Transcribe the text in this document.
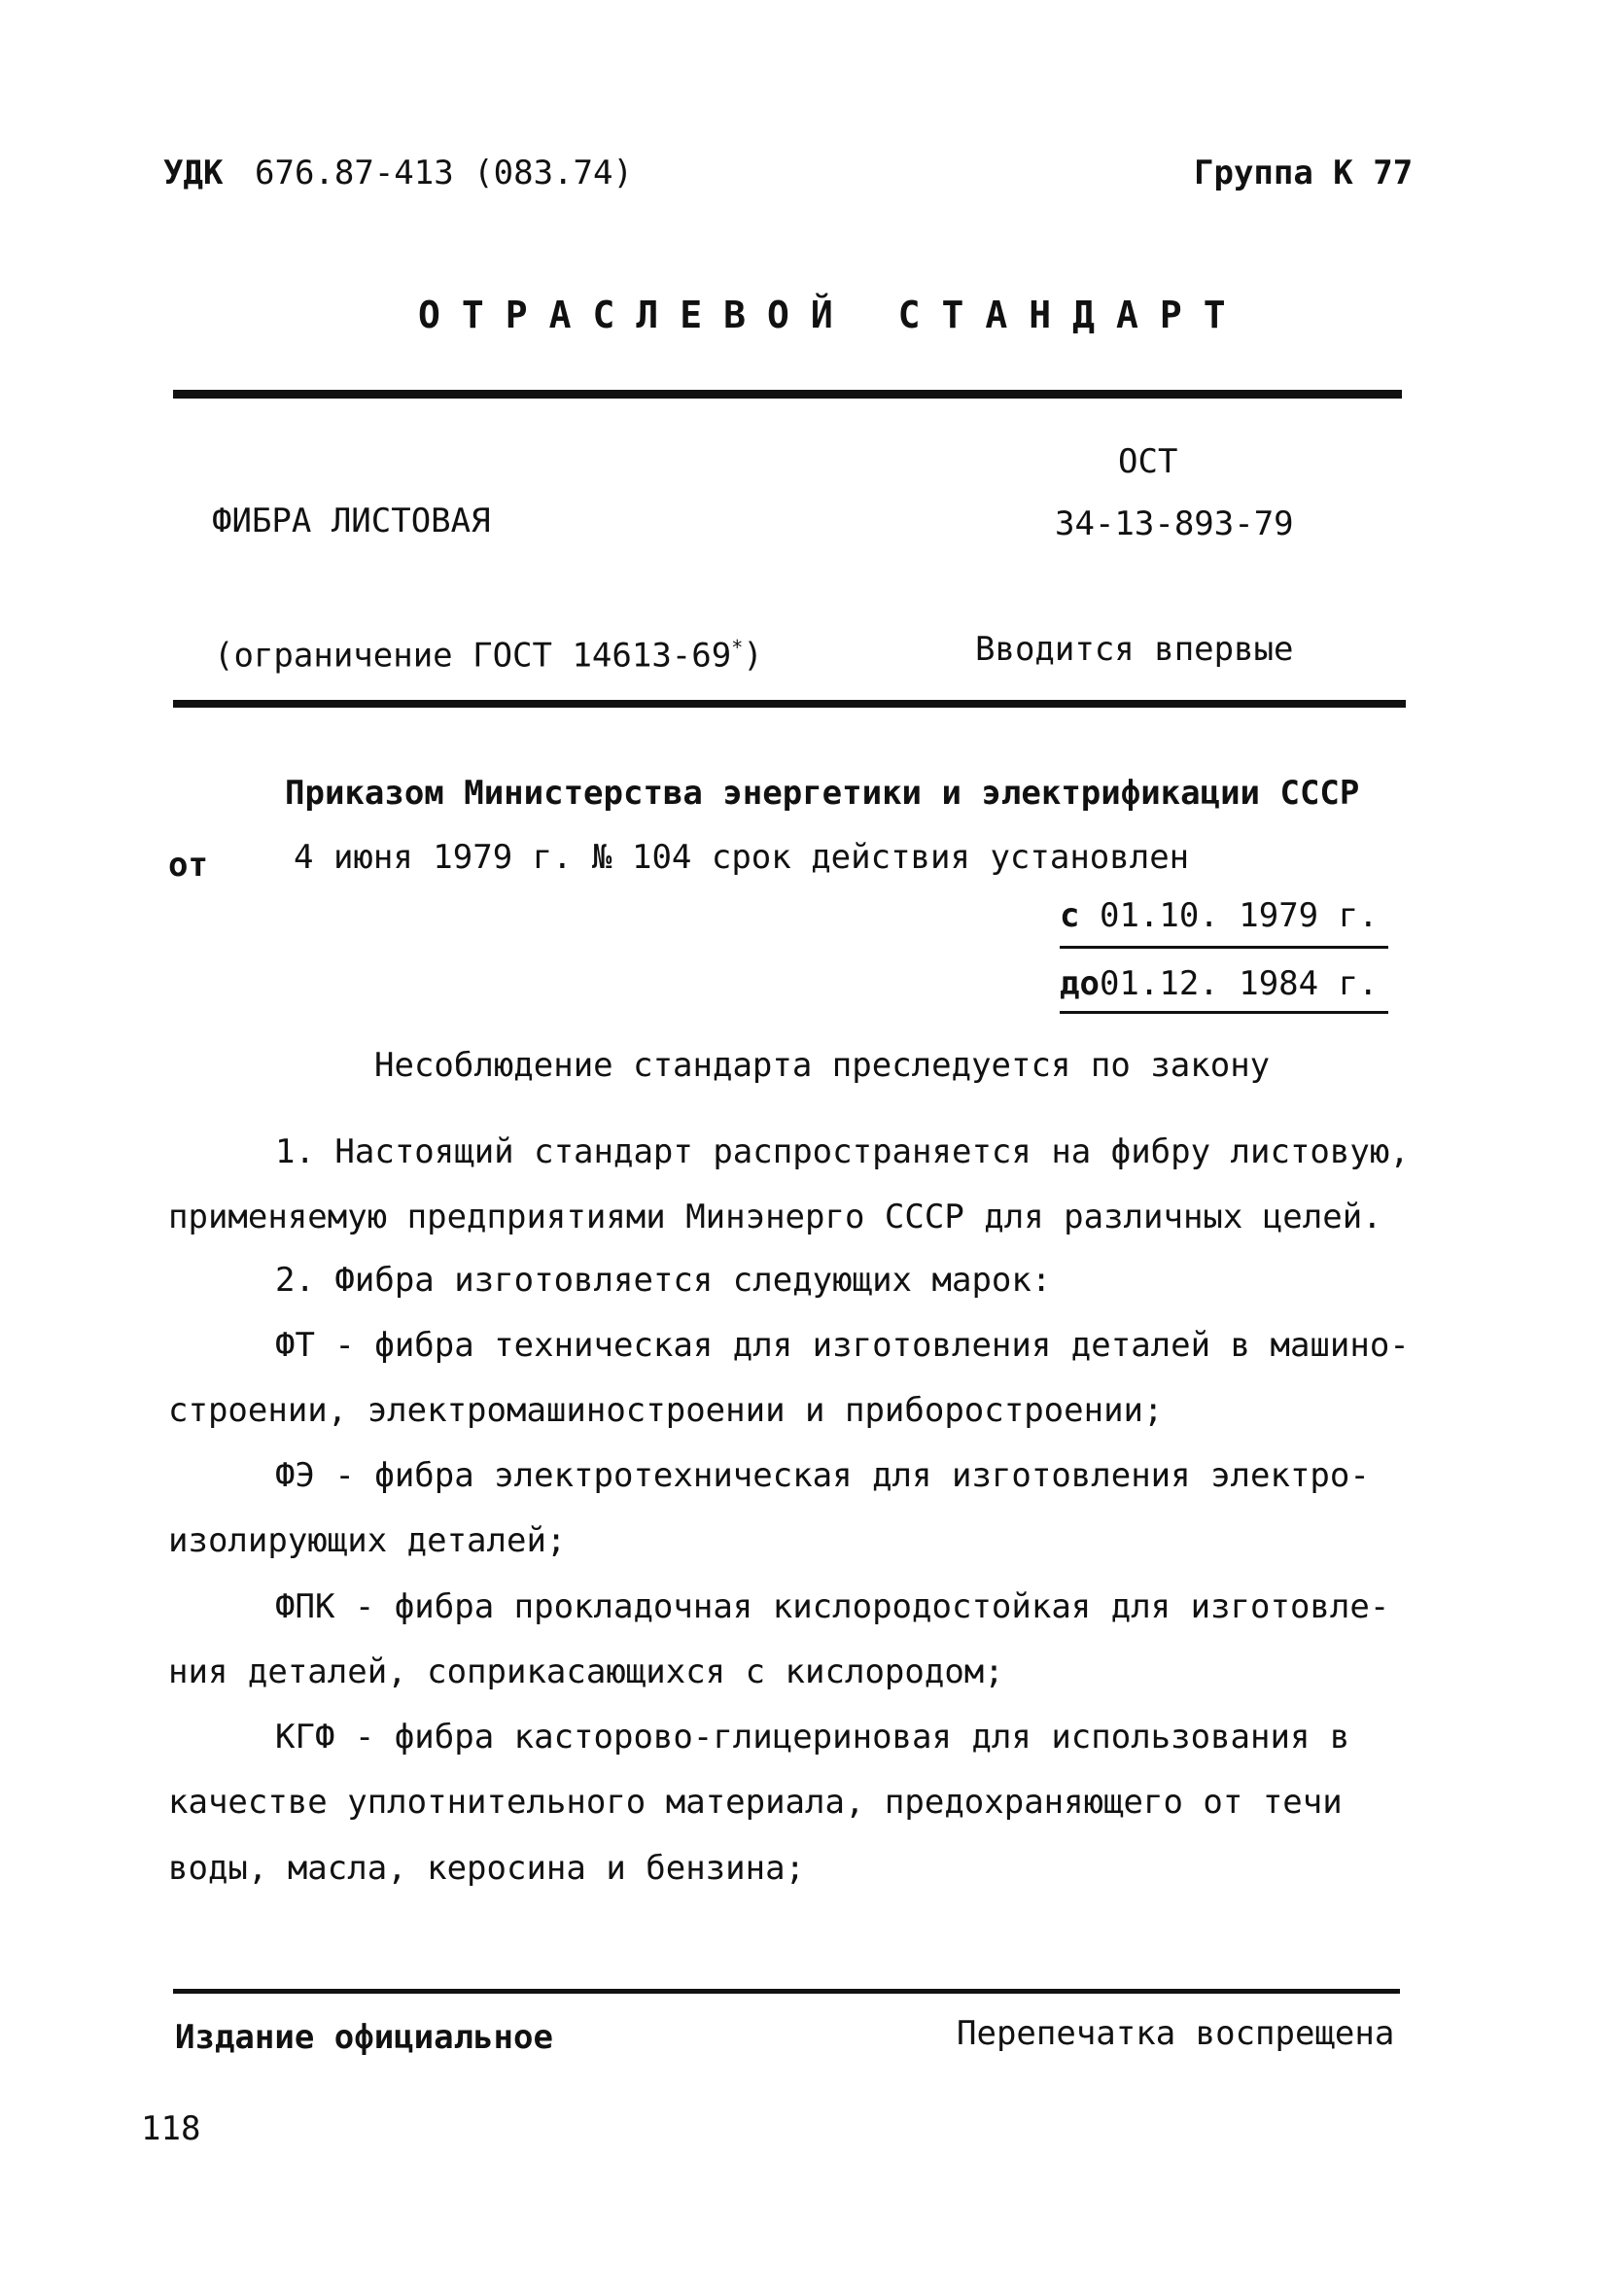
УДК 676.87-413 (083.74)	Группа К 77
ОТРАСЛЕВОЙ СТАНДАРТ
ОСТ
ФИБРА ЛИСТОВАЯ	34-13-893-79
(ограничение ГОСТ 14613-69*)	Вводится впервые
Приказом Министерства энергетики и электрификации СССР
от	4 июня 1979 г. № 104 срок действия установлен
с 01.10. 1979 г.
до01.12. 1984 г.
Несоблюдение стандарта преследуется по закону
1. Настоящий стандарт распространяется на фибру листовую,
применяемую предприятиями Минэнерго СССР для различных целей.
2. Фибра изготовляется следующих марок:
ФТ - фибра техническая для изготовления деталей в машино-
строении, электромашиностроении и приборостроении;
ФЭ - фибра электротехническая для изготовления электро-
изолирующих деталей;
ФПК - фибра прокладочная кислородостойкая для изготовле-
ния деталей, соприкасающихся с кислородом;
КГФ - фибра касторово-глицериновая для использования в
качестве уплотнительного материала, предохраняющего от течи
воды, масла, керосина и бензина;
Издание официальное	Перепечатка воспрещена
118
